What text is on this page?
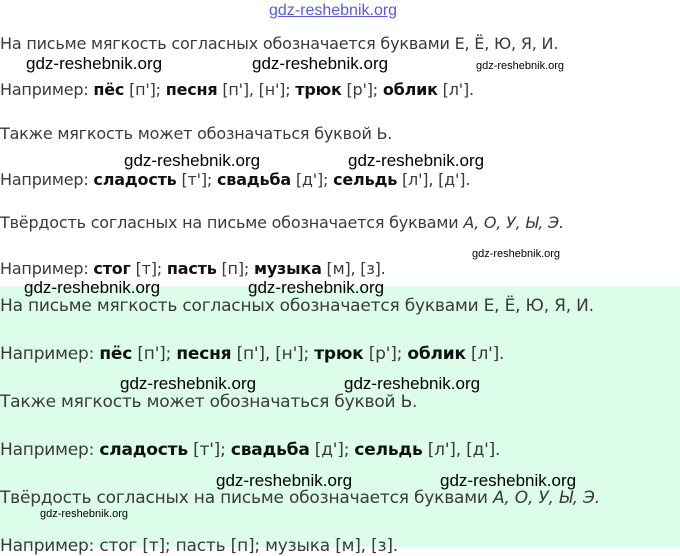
gdz-reshebnik.org

На письме мягкость согласных обозначается буквами Е, Ё, Ю, Я, И.

Например: пёс [п']; песня [п'], [н']; трюк [р']; облик [л'].

Также мягкость может обозначаться буквой Ь.

Например: сладость [т']; свадьба [д']; сельдь [л'], [д'].

Твёрдость согласных на письме обозначается буквами А, О, У, Ы, Э.

Например: стог [т]; пасть [п]; музыка [м], [з].

На письме мягкость согласных обозначается буквами Е, Ё, Ю, Я, И.

Например: пёс [п']; песня [п'], [н']; трюк [р']; облик [л'].

Также мягкость может обозначаться буквой Ь.

Например: сладость [т']; свадьба [д']; сельдь [л'], [д'].

Твёрдость согласных на письме обозначается буквами А, О, У, Ы, Э.

Например: стог [т]; пасть [п]; музыка [м], [з].

gdz-reshebnik.org	gdz-reshebnik.org	gdz-reshebnik.org
gdz-reshebnik.org	gdz-reshebnik.org
gdz-reshebnik.org
gdz-reshebnik.org	gdz-reshebnik.org
gdz-reshebnik.org	gdz-reshebnik.org
gdz-reshebnik.org	gdz-reshebnik.org
gdz-reshebnik.org
